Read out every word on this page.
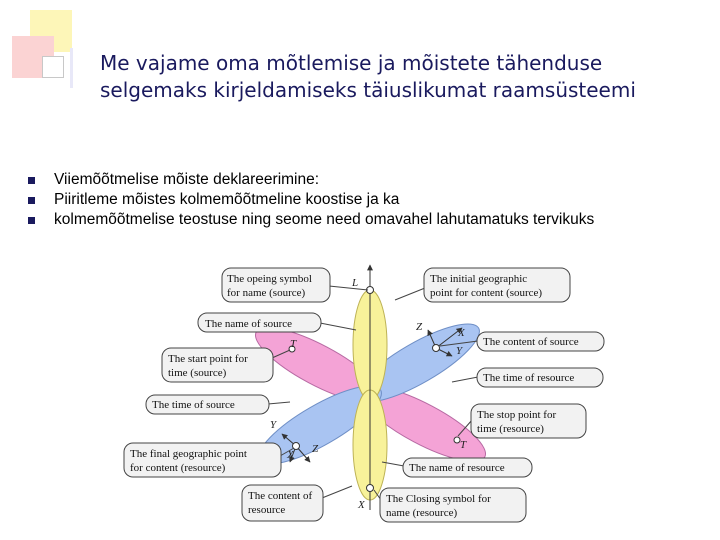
Me vajame oma mõtlemise ja mõistete tähenduse selgemaks kirjeldamiseks täiuslikumat raamsüsteemi
Viiemõõtmelise mõiste deklareerimine:
Piiritleme mõistes kolmemõõtmeline koostise ja ka
kolmemõõtmelise teostuse ning seome need omavahel lahutamatuks tervikuks
L
T
X
Y
Z
T
Y
X Z
X
The opeing symbol
for name (source)
The name of source
The start point for
time (source)
The time of source
The final geographic point
for content (resource)
The content of
resource
The initial geographic
point for content (source)
The content of source
The time of resource
The stop point for
time (resource)
The name of resource
The Closing symbol for
name (resource)
